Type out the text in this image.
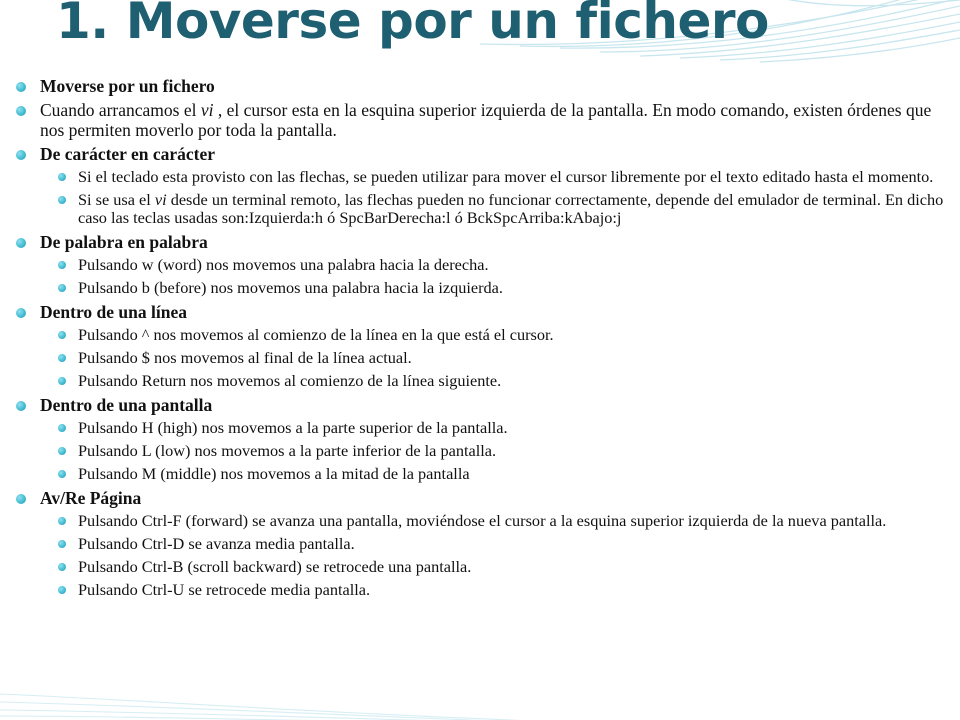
1. Moverse por un fichero
Moverse por un fichero
Cuando arrancamos el vi , el cursor esta en la esquina superior izquierda de la pantalla. En modo comando, existen órdenes que nos permiten moverlo por toda la pantalla.
De carácter en carácter
Si el teclado esta provisto con las flechas, se pueden utilizar para mover el cursor libremente por el texto editado hasta el momento.
Si se usa el vi desde un terminal remoto, las flechas pueden no funcionar correctamente, depende del emulador de terminal. En dicho caso las teclas usadas son:Izquierda:h ó SpcBarDerecha:l ó BckSpcArriba:kAbajo:j
De palabra en palabra
Pulsando w (word) nos movemos una palabra hacia la derecha.
Pulsando b (before) nos movemos una palabra hacia la izquierda.
Dentro de una línea
Pulsando ^ nos movemos al comienzo de la línea en la que está el cursor.
Pulsando $ nos movemos al final de la línea actual.
Pulsando Return nos movemos al comienzo de la línea siguiente.
Dentro de una pantalla
Pulsando H (high) nos movemos a la parte superior de la pantalla.
Pulsando L (low) nos movemos a la parte inferior de la pantalla.
Pulsando M (middle) nos movemos a la mitad de la pantalla
Av/Re Página
Pulsando Ctrl-F (forward) se avanza una pantalla, moviéndose el cursor a la esquina superior izquierda de la nueva pantalla.
Pulsando Ctrl-D se avanza media pantalla.
Pulsando Ctrl-B (scroll backward) se retrocede una pantalla.
Pulsando Ctrl-U se retrocede media pantalla.
